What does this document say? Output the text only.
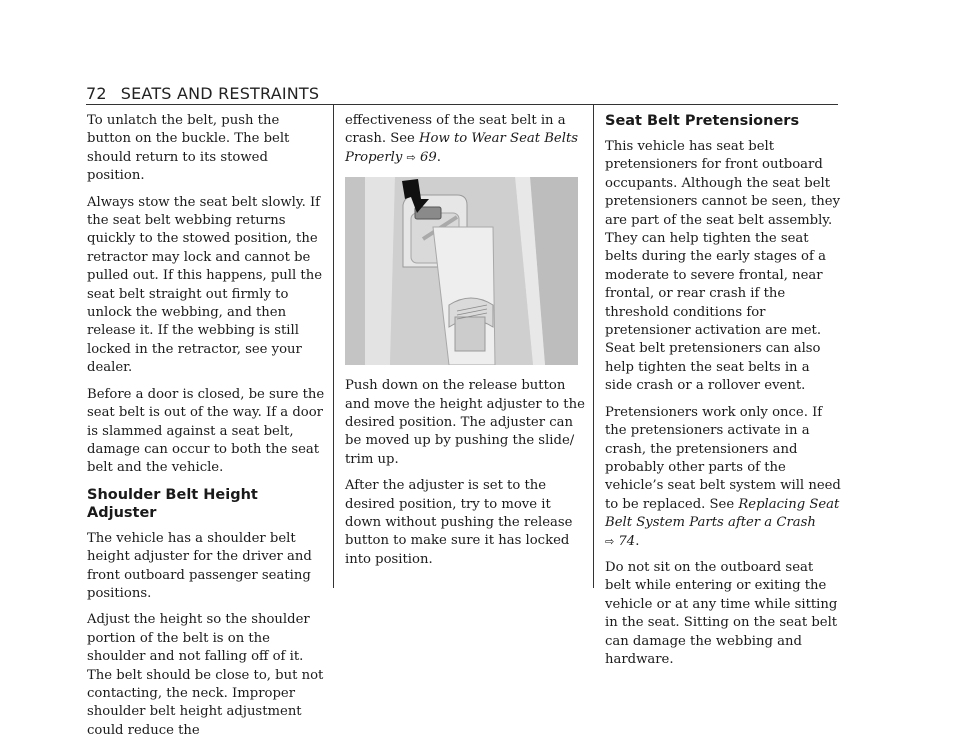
72 SEATS AND RESTRAINTS

To unlatch the belt, push the button on the buckle. The belt should return to its stowed position.

Always stow the seat belt slowly. If the seat belt webbing returns quickly to the stowed position, the retractor may lock and cannot be pulled out. If this happens, pull the seat belt straight out firmly to unlock the webbing, and then release it. If the webbing is still locked in the retractor, see your dealer.

Before a door is closed, be sure the seat belt is out of the way. If a door is slammed against a seat belt, damage can occur to both the seat belt and the vehicle.

Shoulder Belt Height Adjuster

The vehicle has a shoulder belt height adjuster for the driver and front outboard passenger seating positions.

Adjust the height so the shoulder portion of the belt is on the shoulder and not falling off of it. The belt should be close to, but not contacting, the neck. Improper shoulder belt height adjustment could reduce the

effectiveness of the seat belt in a crash. See How to Wear Seat Belts Properly ⇨ 69.

Push down on the release button and move the height adjuster to the desired position. The adjuster can be moved up by pushing the slide/ trim up.

After the adjuster is set to the desired position, try to move it down without pushing the release button to make sure it has locked into position.

Seat Belt Pretensioners

This vehicle has seat belt pretensioners for front outboard occupants. Although the seat belt pretensioners cannot be seen, they are part of the seat belt assembly. They can help tighten the seat belts during the early stages of a moderate to severe frontal, near frontal, or rear crash if the threshold conditions for pretensioner activation are met. Seat belt pretensioners can also help tighten the seat belts in a side crash or a rollover event.

Pretensioners work only once. If the pretensioners activate in a crash, the pretensioners and probably other parts of the vehicle’s seat belt system will need to be replaced. See Replacing Seat Belt System Parts after a Crash
⇨ 74.

Do not sit on the outboard seat belt while entering or exiting the vehicle or at any time while sitting in the seat. Sitting on the seat belt can damage the webbing and hardware.
